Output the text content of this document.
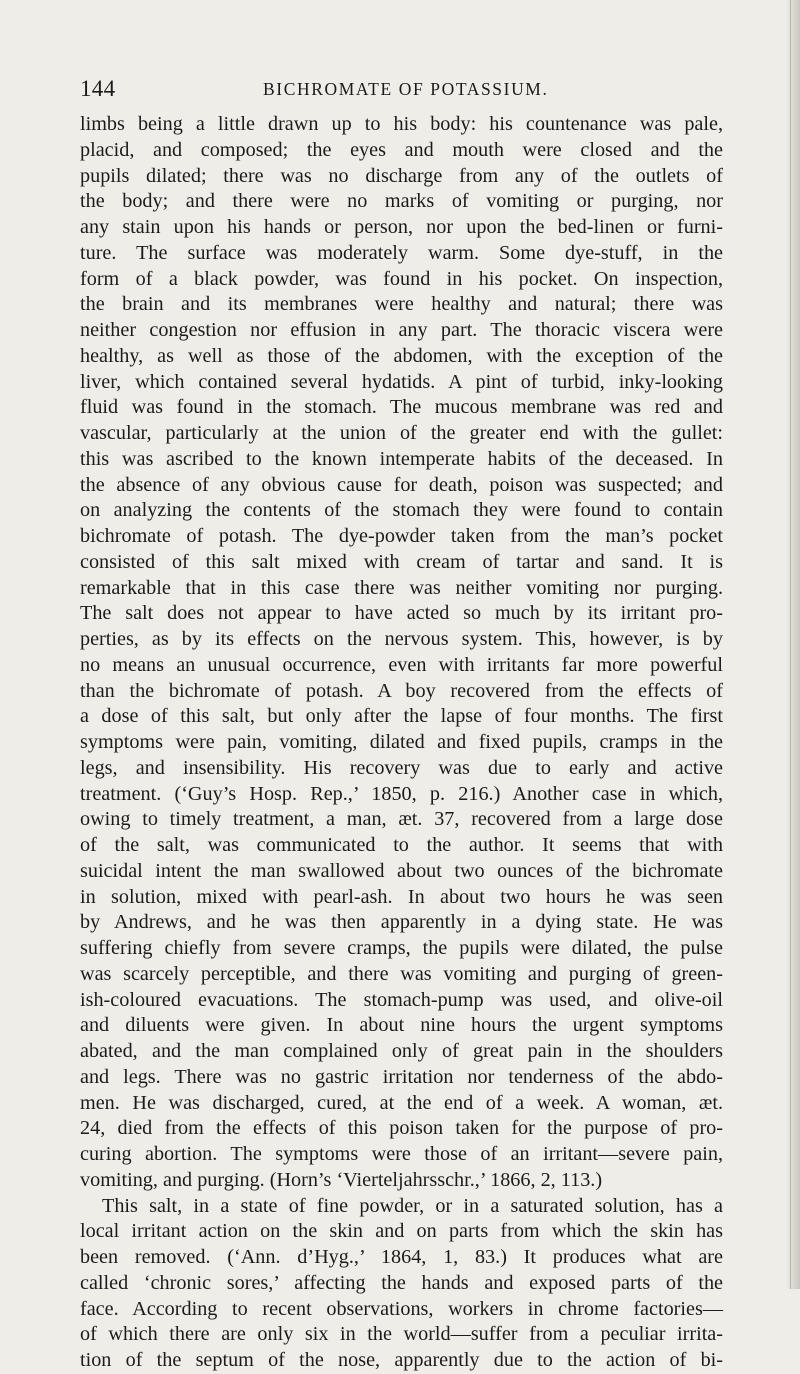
144	BICHROMATE OF POTASSIUM.
limbs being a little drawn up to his body: his countenance was pale,
placid, and composed; the eyes and mouth were closed and the
pupils dilated; there was no discharge from any of the outlets of
the body; and there were no marks of vomiting or purging, nor
any stain upon his hands or person, nor upon the bed-linen or furni-
ture. The surface was moderately warm. Some dye-stuff, in the
form of a black powder, was found in his pocket. On inspection,
the brain and its membranes were healthy and natural; there was
neither congestion nor effusion in any part. The thoracic viscera were
healthy, as well as those of the abdomen, with the exception of the
liver, which contained several hydatids. A pint of turbid, inky-looking
fluid was found in the stomach. The mucous membrane was red and
vascular, particularly at the union of the greater end with the gullet:
this was ascribed to the known intemperate habits of the deceased. In
the absence of any obvious cause for death, poison was suspected; and
on analyzing the contents of the stomach they were found to contain
bichromate of potash. The dye-powder taken from the man’s pocket
consisted of this salt mixed with cream of tartar and sand. It is
remarkable that in this case there was neither vomiting nor purging.
The salt does not appear to have acted so much by its irritant pro-
perties, as by its effects on the nervous system. This, however, is by
no means an unusual occurrence, even with irritants far more powerful
than the bichromate of potash. A boy recovered from the effects of
a dose of this salt, but only after the lapse of four months. The first
symptoms were pain, vomiting, dilated and fixed pupils, cramps in the
legs, and insensibility. His recovery was due to early and active
treatment. (‘Guy’s Hosp. Rep.,’ 1850, p. 216.) Another case in which,
owing to timely treatment, a man, æt. 37, recovered from a large dose
of the salt, was communicated to the author. It seems that with
suicidal intent the man swallowed about two ounces of the bichromate
in solution, mixed with pearl-ash. In about two hours he was seen
by Andrews, and he was then apparently in a dying state. He was
suffering chiefly from severe cramps, the pupils were dilated, the pulse
was scarcely perceptible, and there was vomiting and purging of green-
ish-coloured evacuations. The stomach-pump was used, and olive-oil
and diluents were given. In about nine hours the urgent symptoms
abated, and the man complained only of great pain in the shoulders
and legs. There was no gastric irritation nor tenderness of the abdo-
men. He was discharged, cured, at the end of a week. A woman, æt.
24, died from the effects of this poison taken for the purpose of pro-
curing abortion. The symptoms were those of an irritant—severe pain,
vomiting, and purging. (Horn’s ‘Vierteljahrsschr.,’ 1866, 2, 113.)
This salt, in a state of fine powder, or in a saturated solution, has a
local irritant action on the skin and on parts from which the skin has
been removed. (‘Ann. d’Hyg.,’ 1864, 1, 83.) It produces what are
called ‘chronic sores,’ affecting the hands and exposed parts of the
face. According to recent observations, workers in chrome factories—
of which there are only six in the world—suffer from a peculiar irrita-
tion of the septum of the nose, apparently due to the action of bi-
